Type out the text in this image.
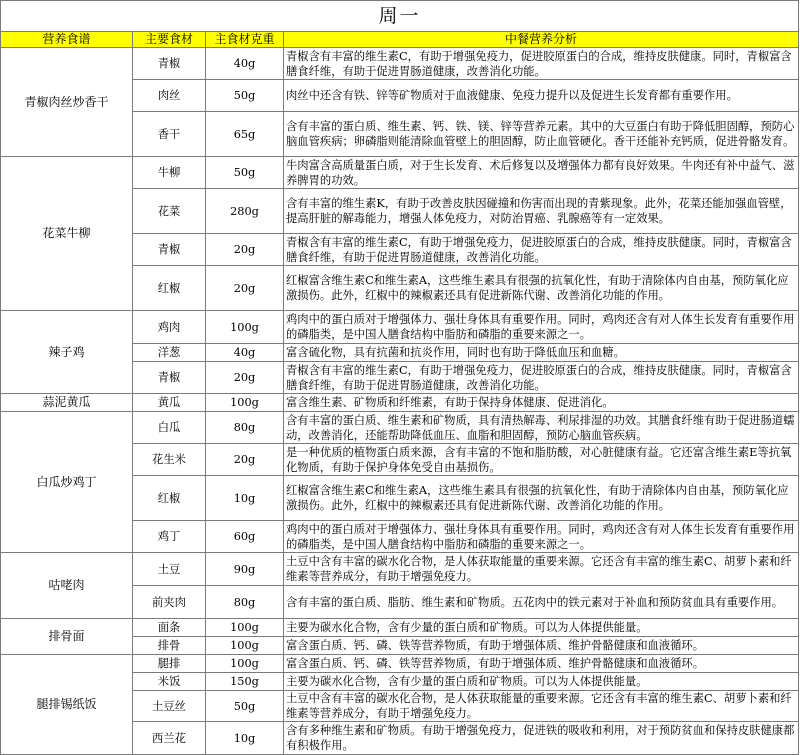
周一			
营养食谱	主要食材	主食材克重	中餐营养分析
青椒肉丝炒香干	青椒	40g	青椒含有丰富的维生素C，有助于增强免疫力，促进胶原蛋白的合成，维持皮肤健康。同时，青椒富含膳食纤维，有助于促进胃肠道健康，改善消化功能。
	肉丝	50g	肉丝中还含有铁、锌等矿物质对于血液健康、免疫力提升以及促进生长发育都有重要作用。
	香干	65g	含有丰富的蛋白质、维生素、钙、铁、镁、锌等营养元素。其中的大豆蛋白有助于降低胆固醇，预防心脑血管疾病；卵磷脂则能清除血管壁上的胆固醇，防止血管硬化。香干还能补充钙质，促进骨骼发育。
花菜牛柳	牛柳	50g	牛肉富含高质量蛋白质，对于生长发育、术后修复以及增强体力都有良好效果。牛肉还有补中益气、滋养脾胃的功效。
	花菜	280g	含有丰富的维生素K，有助于改善皮肤因碰撞和伤害而出现的青紫现象。此外，花菜还能加强血管壁，提高肝脏的解毒能力，增强人体免疫力，对防治胃癌、乳腺癌等有一定效果。
	青椒	20g	青椒含有丰富的维生素C，有助于增强免疫力，促进胶原蛋白的合成，维持皮肤健康。同时，青椒富含膳食纤维，有助于促进胃肠道健康，改善消化功能。
	红椒	20g	红椒富含维生素C和维生素A，这些维生素具有很强的抗氧化性，有助于清除体内自由基，预防氧化应激损伤。此外，红椒中的辣椒素还具有促进新陈代谢、改善消化功能的作用。
辣子鸡	鸡肉	100g	鸡肉中的蛋白质对于增强体力、强壮身体具有重要作用。同时，鸡肉还含有对人体生长发育有重要作用的磷脂类，是中国人膳食结构中脂肪和磷脂的重要来源之一。
	洋葱	40g	富含硫化物，具有抗菌和抗炎作用，同时也有助于降低血压和血糖。
	青椒	20g	青椒含有丰富的维生素C，有助于增强免疫力，促进胶原蛋白的合成，维持皮肤健康。同时，青椒富含膳食纤维，有助于促进胃肠道健康，改善消化功能。
蒜泥黄瓜	黄瓜	100g	富含维生素、矿物质和纤维素，有助于保持身体健康、促进消化。
白瓜炒鸡丁	白瓜	80g	含有丰富的蛋白质、维生素和矿物质，具有清热解毒、利尿排湿的功效。其膳食纤维有助于促进肠道蠕动，改善消化，还能帮助降低血压、血脂和胆固醇，预防心脑血管疾病。
	花生米	20g	是一种优质的植物蛋白质来源，含有丰富的不饱和脂肪酸，对心脏健康有益。它还富含维生素E等抗氧化物质，有助于保护身体免受自由基损伤。
	红椒	10g	红椒富含维生素C和维生素A，这些维生素具有很强的抗氧化性，有助于清除体内自由基，预防氧化应激损伤。此外，红椒中的辣椒素还具有促进新陈代谢、改善消化功能的作用。
	鸡丁	60g	鸡肉中的蛋白质对于增强体力、强壮身体具有重要作用。同时，鸡肉还含有对人体生长发育有重要作用的磷脂类，是中国人膳食结构中脂肪和磷脂的重要来源之一。
咕咾肉	土豆	90g	土豆中含有丰富的碳水化合物，是人体获取能量的重要来源。它还含有丰富的维生素C、胡萝卜素和纤维素等营养成分，有助于增强免疫力。
	前夹肉	80g	含有丰富的蛋白质、脂肪、维生素和矿物质。五花肉中的铁元素对于补血和预防贫血具有重要作用。
排骨面	面条	100g	主要为碳水化合物，含有少量的蛋白质和矿物质。可以为人体提供能量。
	排骨	100g	富含蛋白质、钙、磷、铁等营养物质，有助于增强体质、维护骨骼健康和血液循环。
腿排锡纸饭	腿排	100g	富含蛋白质、钙、磷、铁等营养物质，有助于增强体质、维护骨骼健康和血液循环。
	米饭	150g	主要为碳水化合物，含有少量的蛋白质和矿物质。可以为人体提供能量。
	土豆丝	50g	土豆中含有丰富的碳水化合物，是人体获取能量的重要来源。它还含有丰富的维生素C、胡萝卜素和纤维素等营养成分，有助于增强免疫力。
	西兰花	10g	含有多种维生素和矿物质。有助于增强免疫力，促进铁的吸收和利用，对于预防贫血和保持皮肤健康都有积极作用。
